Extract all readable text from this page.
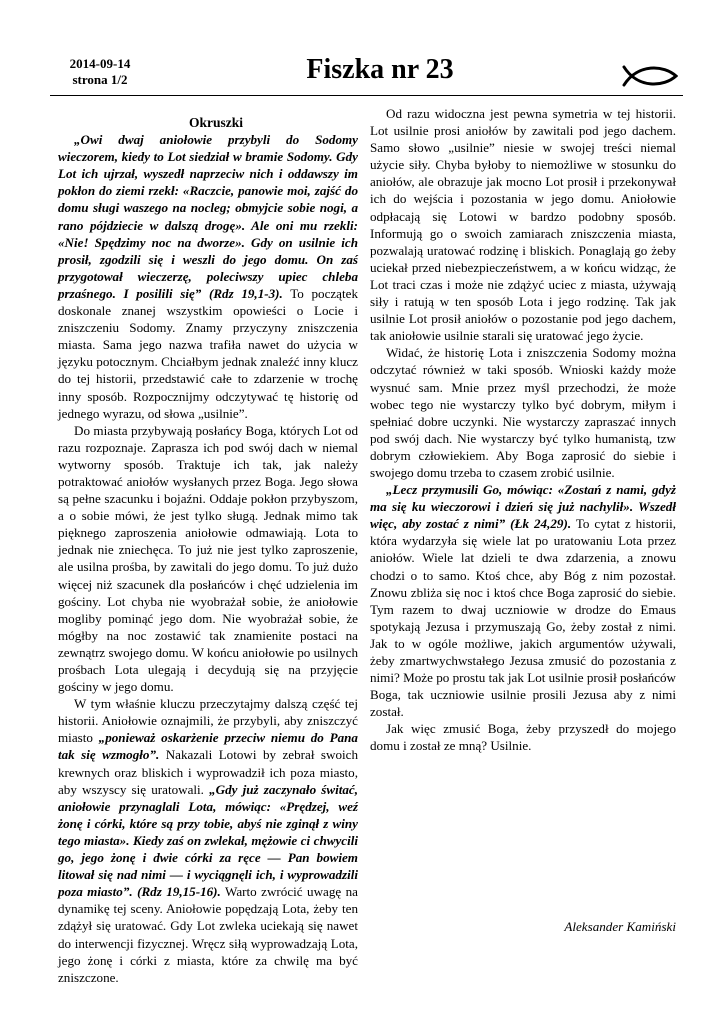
2014-09-14
strona 1/2	Fiszka nr 23

Okruszki

„Owi dwaj aniołowie przybyli do Sodomy wieczorem, kiedy to Lot siedział w bramie Sodomy. Gdy Lot ich ujrzał, wyszedł naprzeciw nich i oddawszy im pokłon do ziemi rzekł: «Raczcie, panowie moi, zajść do domu sługi waszego na nocleg; obmyjcie sobie nogi, a rano pójdziecie w dalszą drogę». Ale oni mu rzekli: «Nie! Spędzimy noc na dworze». Gdy on usilnie ich prosił, zgodzili się i weszli do jego domu. On zaś przygotował wieczerzę, poleciwszy upiec chleba przaśnego. I posilili się” (Rdz 19,1-3). To początek doskonale znanej wszystkim opowieści o Locie i zniszczeniu Sodomy. Znamy przyczyny zniszczenia miasta. Sama jego nazwa trafiła nawet do użycia w języku potocznym. Chciałbym jednak znaleźć inny klucz do tej historii, przedstawić całe to zdarzenie w trochę inny sposób. Rozpocznijmy odczytywać tę historię od jednego wyrazu, od słowa „usilnie”.

Do miasta przybywają posłańcy Boga, których Lot od razu rozpoznaje. Zaprasza ich pod swój dach w niemal wytworny sposób. Traktuje ich tak, jak należy potraktować aniołów wysłanych przez Boga. Jego słowa są pełne szacunku i bojaźni. Oddaje pokłon przybyszom, a o sobie mówi, że jest tylko sługą. Jednak mimo tak pięknego zaproszenia aniołowie odmawiają. Lota to jednak nie zniechęca. To już nie jest tylko zaproszenie, ale usilna prośba, by zawitali do jego domu. To już dużo więcej niż szacunek dla posłańców i chęć udzielenia im gościny. Lot chyba nie wyobrażał sobie, że aniołowie mogliby pominąć jego dom. Nie wyobrażał sobie, że mógłby na noc zostawić tak znamienite postaci na zewnątrz swojego domu. W końcu aniołowie po usilnych prośbach Lota ulegają i decydują się na przyjęcie gościny w jego domu.

W tym właśnie kluczu przeczytajmy dalszą część tej historii. Aniołowie oznajmili, że przybyli, aby zniszczyć miasto „ponieważ oskarżenie przeciw niemu do Pana tak się wzmogło”. Nakazali Lotowi by zebrał swoich krewnych oraz bliskich i wyprowadził ich poza miasto, aby wszyscy się uratowali. „Gdy już zaczynało świtać, aniołowie przynaglali Lota, mówiąc: «Prędzej, weź żonę i córki, które są przy tobie, abyś nie zginął z winy tego miasta». Kiedy zaś on zwlekał, mężowie ci chwycili go, jego żonę i dwie córki za ręce — Pan bowiem litował się nad nimi — i wyciągnęli ich, i wyprowadzili poza miasto”. (Rdz 19,15-16). Warto zwrócić uwagę na dynamikę tej sceny. Aniołowie popędzają Lota, żeby ten zdążył się uratować. Gdy Lot zwleka uciekają się nawet do interwencji fizycznej. Wręcz siłą wyprowadzają Lota, jego żonę i córki z miasta, które za chwilę ma być zniszczone.

Od razu widoczna jest pewna symetria w tej historii. Lot usilnie prosi aniołów by zawitali pod jego dachem. Samo słowo „usilnie” niesie w swojej treści niemal użycie siły. Chyba byłoby to niemożliwe w stosunku do aniołów, ale obrazuje jak mocno Lot prosił i przekonywał ich do wejścia i pozostania w jego domu. Aniołowie odpłacają się Lotowi w bardzo podobny sposób. Informują go o swoich zamiarach zniszczenia miasta, pozwalają uratować rodzinę i bliskich. Ponaglają go żeby uciekał przed niebezpieczeństwem, a w końcu widząc, że Lot traci czas i może nie zdążyć uciec z miasta, używają siły i ratują w ten sposób Lota i jego rodzinę. Tak jak usilnie Lot prosił aniołów o pozostanie pod jego dachem, tak aniołowie usilnie starali się uratować jego życie.

Widać, że historię Lota i zniszczenia Sodomy można odczytać również w taki sposób. Wnioski każdy może wysnuć sam. Mnie przez myśl przechodzi, że może wobec tego nie wystarczy tylko być dobrym, miłym i spełniać dobre uczynki. Nie wystarczy zapraszać innych pod swój dach. Nie wystarczy być tylko humanistą, tzw dobrym człowiekiem. Aby Boga zaprosić do siebie i swojego domu trzeba to czasem zrobić usilnie.

„Lecz przymusili Go, mówiąc: «Zostań z nami, gdyż ma się ku wieczorowi i dzień się już nachylił». Wszedł więc, aby zostać z nimi” (Łk 24,29). To cytat z historii, która wydarzyła się wiele lat po uratowaniu Lota przez aniołów. Wiele lat dzieli te dwa zdarzenia, a znowu chodzi o to samo. Ktoś chce, aby Bóg z nim pozostał. Znowu zbliża się noc i ktoś chce Boga zaprosić do siebie. Tym razem to dwaj uczniowie w drodze do Emaus spotykają Jezusa i przymuszają Go, żeby został z nimi. Jak to w ogóle możliwe, jakich argumentów używali, żeby zmartwychwstałego Jezusa zmusić do pozostania z nimi? Może po prostu tak jak Lot usilnie prosił posłańców Boga, tak uczniowie usilnie prosili Jezusa aby z nimi został.

Jak więc zmusić Boga, żeby przyszedł do mojego domu i został ze mną? Usilnie.

Aleksander Kamiński
